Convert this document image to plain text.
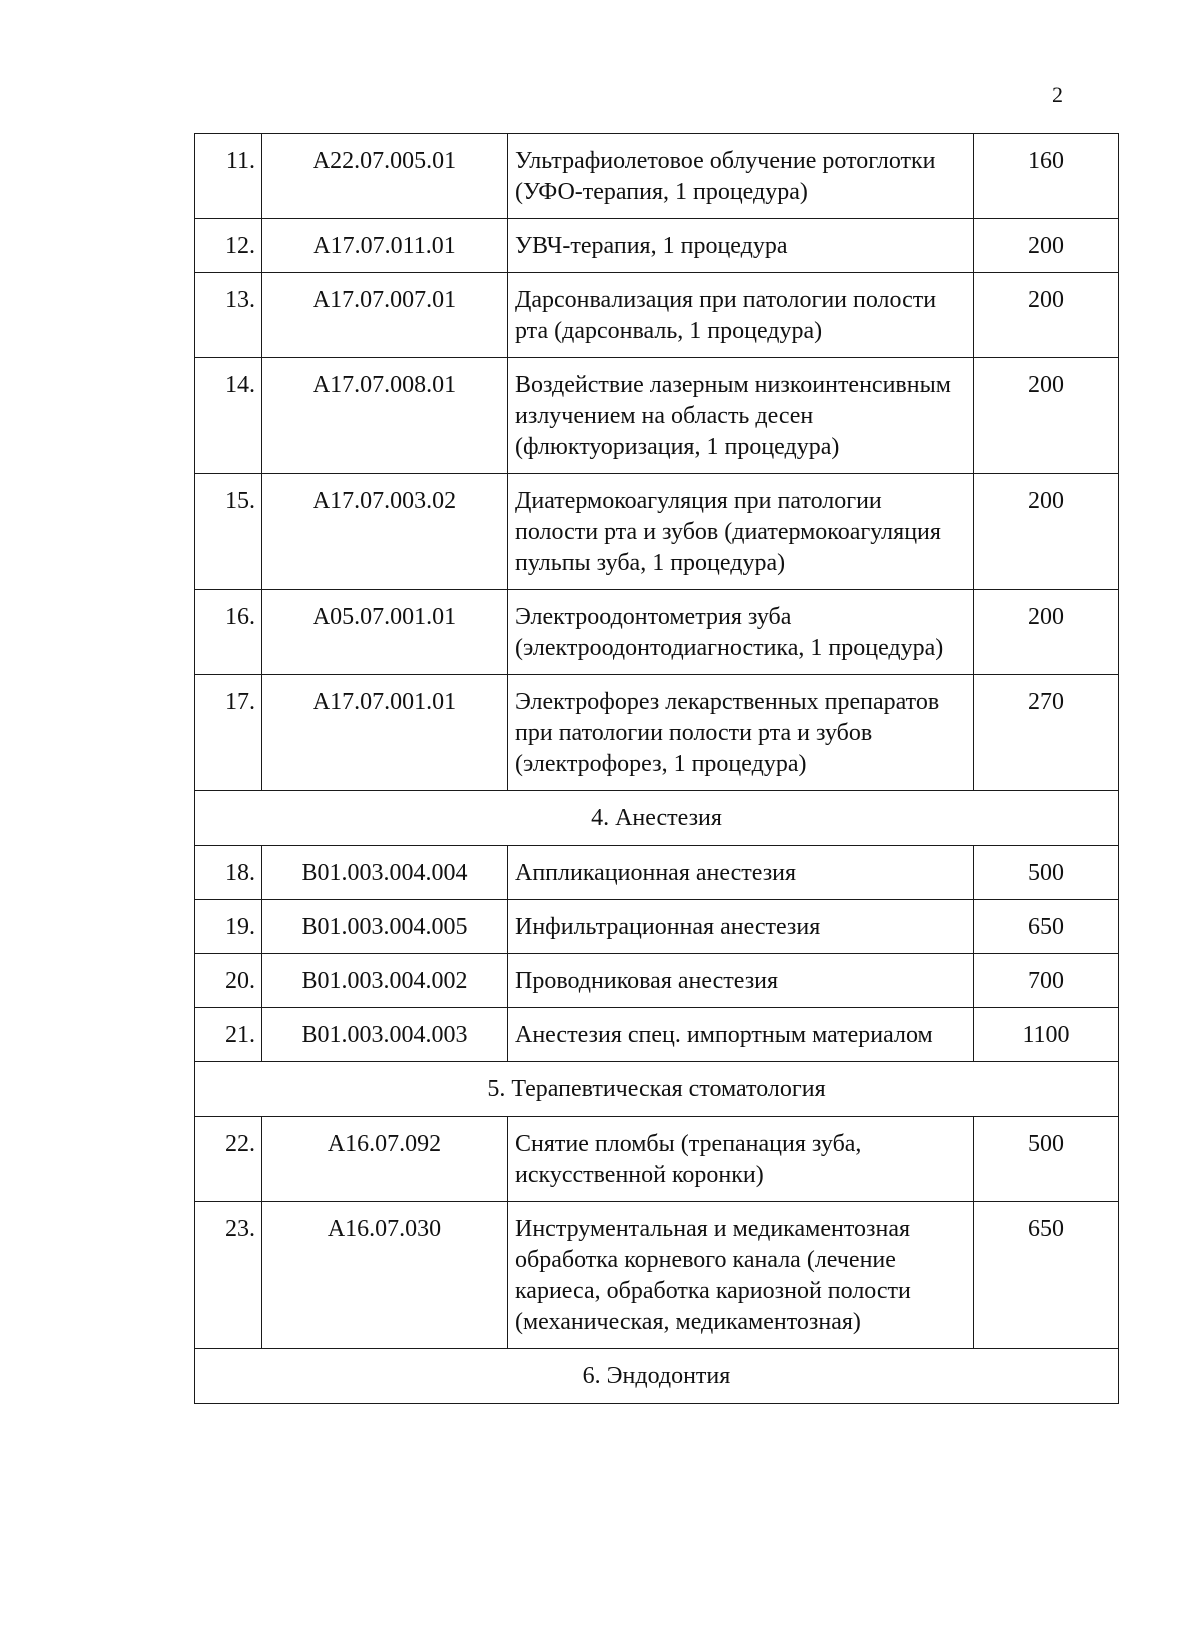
2
11.	А22.07.005.01	Ультрафиолетовое облучение ротоглотки (УФО-терапия, 1 процедура)	160
12.	А17.07.011.01	УВЧ-терапия, 1 процедура	200
13.	А17.07.007.01	Дарсонвализация при патологии полости рта (дарсонваль, 1 процедура)	200
14.	А17.07.008.01	Воздействие лазерным низкоинтенсивным излучением на область десен (флюктуоризация, 1 процедура)	200
15.	А17.07.003.02	Диатермокоагуляция при патологии полости рта и зубов (диатермокоагуляция пульпы зуба, 1 процедура)	200
16.	А05.07.001.01	Электроодонтометрия зуба (электроодонтодиагностика, 1 процедура)	200
17.	А17.07.001.01	Электрофорез лекарственных препаратов при патологии полости рта и зубов (электрофорез, 1 процедура)	270
4. Анестезия			
18.	В01.003.004.004	Аппликационная анестезия	500
19.	В01.003.004.005	Инфильтрационная анестезия	650
20.	В01.003.004.002	Проводниковая анестезия	700
21.	В01.003.004.003	Анестезия спец. импортным материалом	1100
5. Терапевтическая стоматология			
22.	А16.07.092	Снятие пломбы (трепанация зуба, искусственной коронки)	500
23.	А16.07.030	Инструментальная и медикаментозная обработка корневого канала (лечение кариеса, обработка кариозной полости (механическая, медикаментозная)	650
6. Эндодонтия			
